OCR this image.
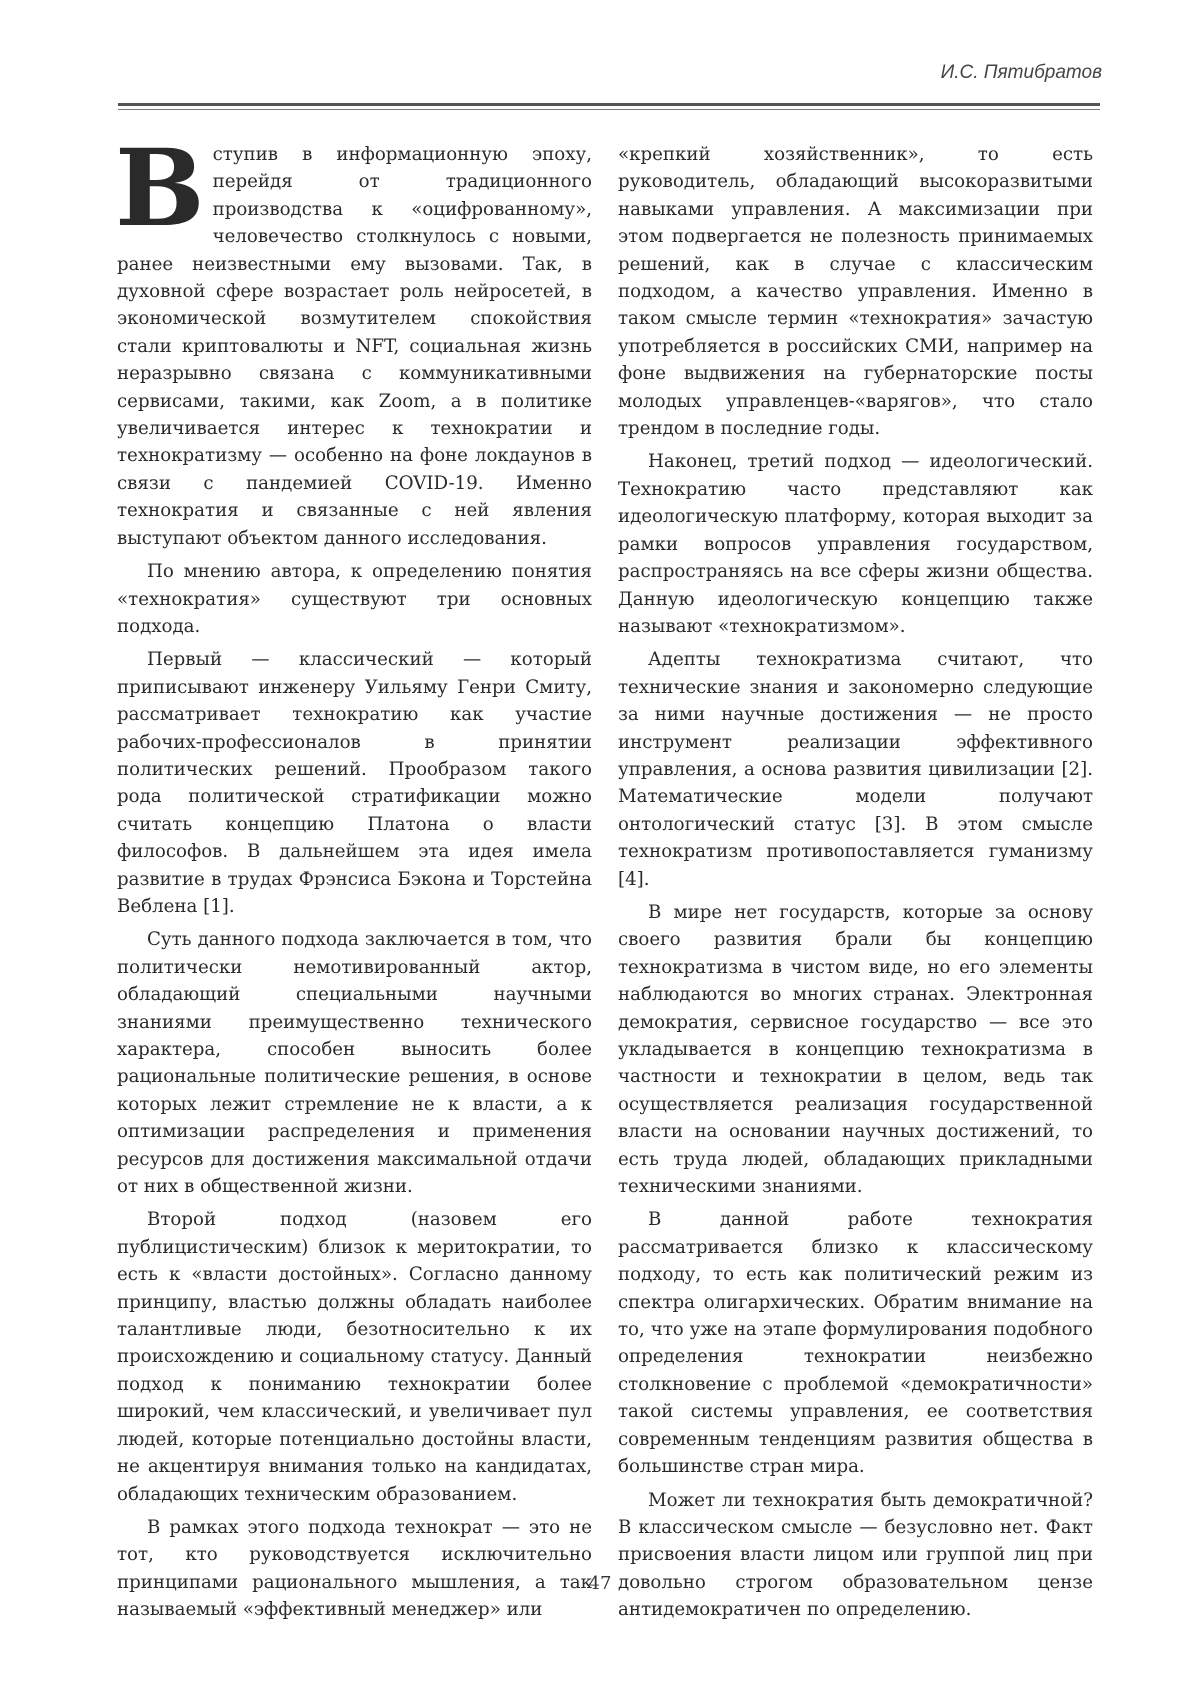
И.С. Пятибратов

Вступив в информационную эпоху, перейдя от традиционного производства к «оцифрованному», человечество столкнулось с новыми, ранее неизвестными ему вызовами. Так, в духовной сфере возрастает роль нейросетей, в экономической возмутителем спокойствия стали криптовалюты и NFT, социальная жизнь неразрывно связана с коммуникативными сервисами, такими, как Zoom, а в политике увеличивается интерес к технократии и технократизму — особенно на фоне локдаунов в связи с пандемией COVID-19. Именно технократия и связанные с ней явления выступают объектом данного исследования.

По мнению автора, к определению понятия «технократия» существуют три основных подхода.

Первый — классический — который приписывают инженеру Уильяму Генри Смиту, рассматривает технократию как участие рабочих-профессионалов в принятии политических решений. Прообразом такого рода политической стратификации можно считать концепцию Платона о власти философов. В дальнейшем эта идея имела развитие в трудах Фрэнсиса Бэкона и Торстейна Веблена [1].

Суть данного подхода заключается в том, что политически немотивированный актор, обладающий специальными научными знаниями преимущественно технического характера, способен выносить более рациональные политические решения, в основе которых лежит стремление не к власти, а к оптимизации распределения и применения ресурсов для достижения максимальной отдачи от них в общественной жизни.

Второй подход (назовем его публицистическим) близок к меритократии, то есть к «власти достойных». Согласно данному принципу, властью должны обладать наиболее талантливые люди, безотносительно к их происхождению и социальному статусу. Данный подход к пониманию технократии более широкий, чем классический, и увеличивает пул людей, которые потенциально достойны власти, не акцентируя внимания только на кандидатах, обладающих техническим образованием.

В рамках этого подхода технократ — это не тот, кто руководствуется исключительно принципами рационального мышления, а так называемый «эффективный менеджер» или

«крепкий хозяйственник», то есть руководитель, обладающий высокоразвитыми навыками управления. А максимизации при этом подвергается не полезность принимаемых решений, как в случае с классическим подходом, а качество управления. Именно в таком смысле термин «технократия» зачастую употребляется в российских СМИ, например на фоне выдвижения на губернаторские посты молодых управленцев-«варягов», что стало трендом в последние годы.

Наконец, третий подход — идеологический. Технократию часто представляют как идеологическую платформу, которая выходит за рамки вопросов управления государством, распространяясь на все сферы жизни общества. Данную идеологическую концепцию также называют «технократизмом».

Адепты технократизма считают, что технические знания и закономерно следующие за ними научные достижения — не просто инструмент реализации эффективного управления, а основа развития цивилизации [2]. Математические модели получают онтологический статус [3]. В этом смысле технократизм противопоставляется гуманизму [4].

В мире нет государств, которые за основу своего развития брали бы концепцию технократизма в чистом виде, но его элементы наблюдаются во многих странах. Электронная демократия, сервисное государство — все это укладывается в концепцию технократизма в частности и технократии в целом, ведь так осуществляется реализация государственной власти на основании научных достижений, то есть труда людей, обладающих прикладными техническими знаниями.

В данной работе технократия рассматривается близко к классическому подходу, то есть как политический режим из спектра олигархических. Обратим внимание на то, что уже на этапе формулирования подобного определения технократии неизбежно столкновение с проблемой «демократичности» такой системы управления, ее соответствия современным тенденциям развития общества в большинстве стран мира.

Может ли технократия быть демократичной? В классическом смысле — безусловно нет. Факт присвоения власти лицом или группой лиц при довольно строгом образовательном цензе антидемократичен по определению.

47
